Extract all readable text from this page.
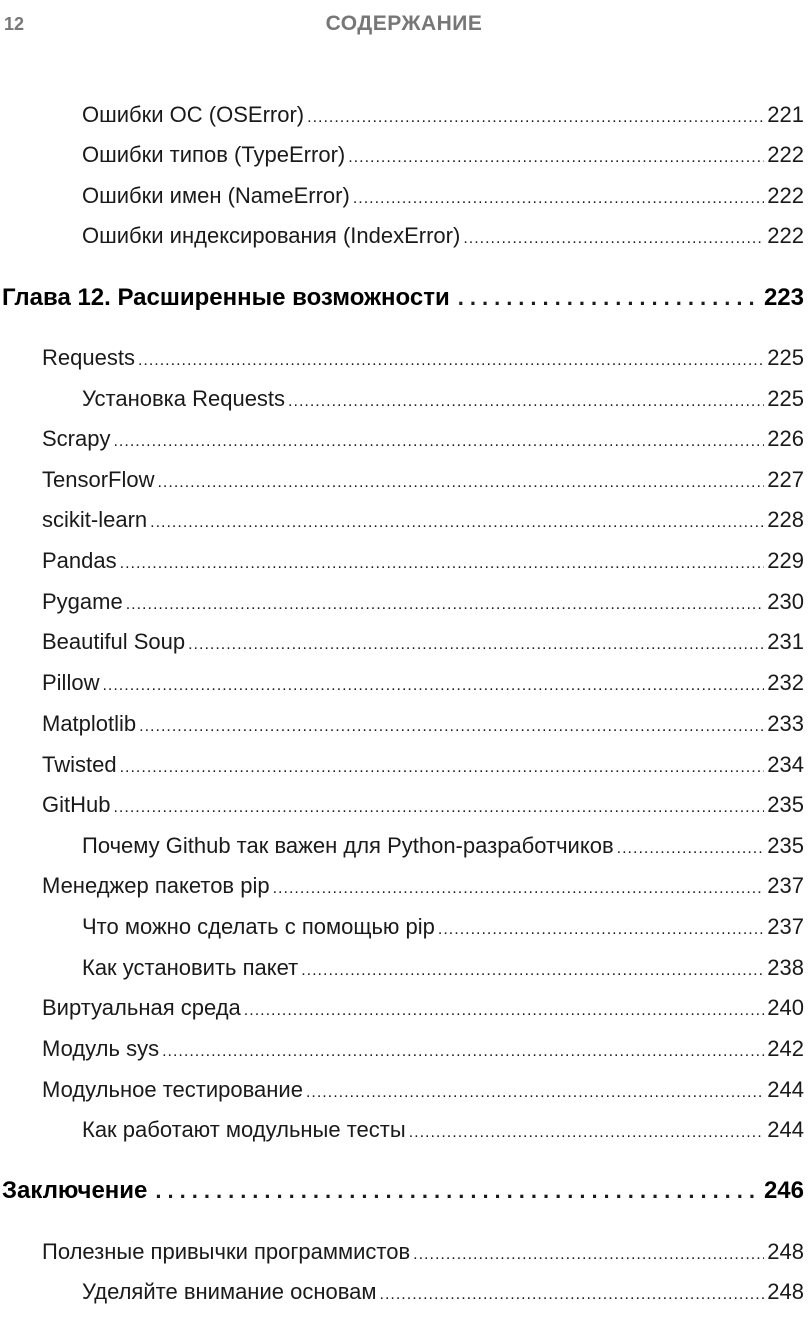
12	СОДЕРЖАНИЕ
Ошибки ОС (OSError) .....	221
Ошибки типов (TypeError) .....	222
Ошибки имен (NameError) .....	222
Ошибки индексирования (IndexError) .....	222
Глава 12. Расширенные возможности .....	223
Requests .....	225
Установка Requests .....	225
Scrapy .....	226
TensorFlow .....	227
scikit-learn .....	228
Pandas .....	229
Pygame .....	230
Beautiful Soup .....	231
Pillow .....	232
Matplotlib .....	233
Twisted .....	234
GitHub .....	235
Почему Github так важен для Python-разработчиков .....	235
Менеджер пакетов pip .....	237
Что можно сделать с помощью pip .....	237
Как установить пакет .....	238
Виртуальная среда .....	240
Модуль sys .....	242
Модульное тестирование .....	244
Как работают модульные тесты .....	244
Заключение .....	246
Полезные привычки программистов .....	248
Уделяйте внимание основам .....	248
